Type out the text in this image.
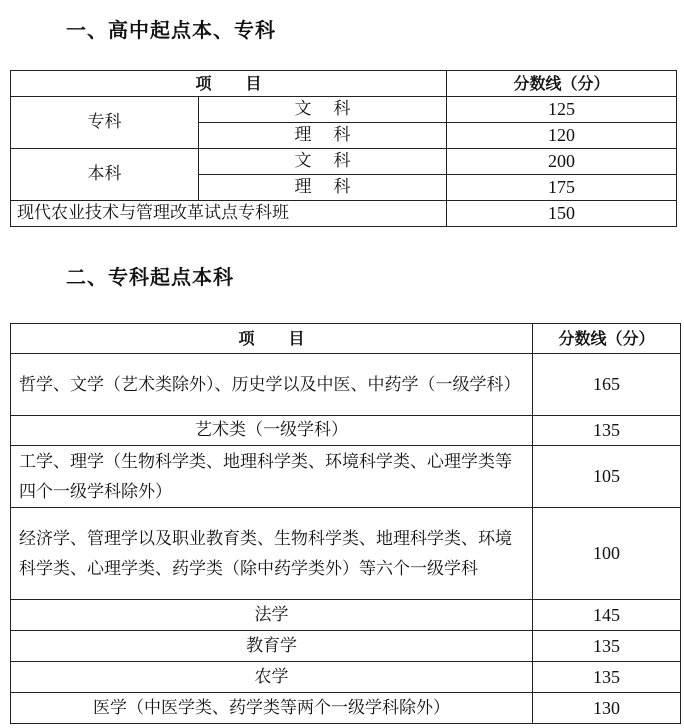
一、高中起点本、专科
项目		分数线（分）
专科	文科	125
	理科	120
本科	文科	200
	理科	175
现代农业技术与管理改革试点专科班		150
二、专科起点本科
项目	分数线（分）
哲学、文学（艺术类除外）、历史学以及中医、中药学（一级学科）	165
艺术类（一级学科）	135
工学、理学（生物科学类、地理科学类、环境科学类、心理学类等四个一级学科除外）	105
经济学、管理学以及职业教育类、生物科学类、地理科学类、环境科学类、心理学类、药学类（除中药学类外）等六个一级学科	100
法学	145
教育学	135
农学	135
医学（中医学类、药学类等两个一级学科除外）	130
